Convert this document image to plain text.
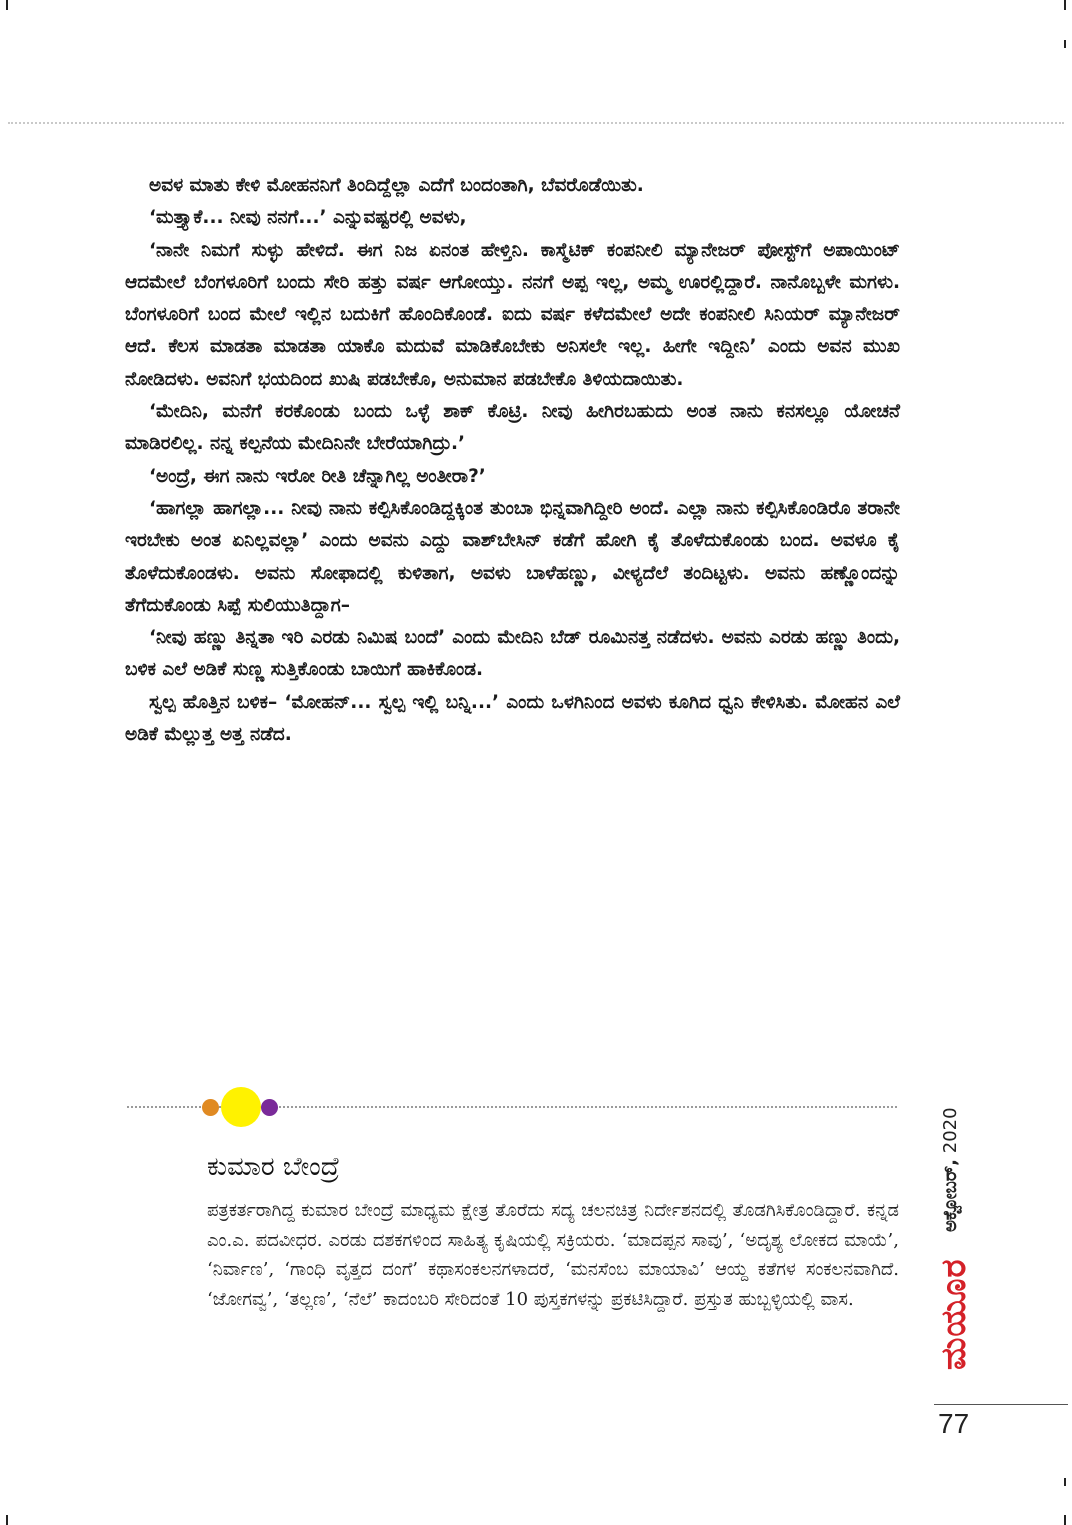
ಅವಳ ಮಾತು ಕೇಳಿ ಮೋಹನನಿಗೆ ತಿಂದಿದ್ದೆಲ್ಲಾ ಎದೆಗೆ ಬಂದಂತಾಗಿ, ಬೆವರೊಡೆಯಿತು.

‘ಮತ್ತ್ಯಾಕೆ... ನೀವು ನನಗೆ...’ ಎನ್ನುವಷ್ಟರಲ್ಲಿ ಅವಳು,

‘ನಾನೇ ನಿಮಗೆ ಸುಳ್ಳು ಹೇಳಿದೆ. ಈಗ ನಿಜ ಏನಂತ ಹೇಳ್ತಿನಿ. ಕಾಸ್ಮೆಟಿಕ್ ಕಂಪನೀಲಿ ಮ್ಯಾನೇಜರ್ ಪೋಸ್ಟ್‌ಗೆ ಅಪಾಯಿಂಟ್ ಆದಮೇಲೆ ಬೆಂಗಳೂರಿಗೆ ಬಂದು ಸೇರಿ ಹತ್ತು ವರ್ಷ ಆಗೋಯ್ತು. ನನಗೆ ಅಪ್ಪ ಇಲ್ಲ, ಅಮ್ಮ ಊರಲ್ಲಿದ್ದಾರೆ. ನಾನೊಬ್ಬಳೇ ಮಗಳು. ಬೆಂಗಳೂರಿಗೆ ಬಂದ ಮೇಲೆ ಇಲ್ಲಿನ ಬದುಕಿಗೆ ಹೊಂದಿಕೊಂಡೆ. ಐದು ವರ್ಷ ಕಳೆದಮೇಲೆ ಅದೇ ಕಂಪನೀಲಿ ಸಿನಿಯರ್ ಮ್ಯಾನೇಜರ್ ಆದೆ. ಕೆಲಸ ಮಾಡತಾ ಮಾಡತಾ ಯಾಕೊ ಮದುವೆ ಮಾಡಿಕೊಬೇಕು ಅನಿಸಲೇ ಇಲ್ಲ. ಹೀಗೇ ಇದ್ದೀನಿ’ ಎಂದು ಅವನ ಮುಖ ನೋಡಿದಳು. ಅವನಿಗೆ ಭಯದಿಂದ ಖುಷಿ ಪಡಬೇಕೊ, ಅನುಮಾನ ಪಡಬೇಕೊ ತಿಳಿಯದಾಯಿತು.

‘ಮೇದಿನಿ, ಮನೆಗೆ ಕರಕೊಂಡು ಬಂದು ಒಳ್ಳೆ ಶಾಕ್ ಕೊಟ್ರಿ. ನೀವು ಹೀಗಿರಬಹುದು ಅಂತ ನಾನು ಕನಸಲ್ಲೂ ಯೋಚನೆ ಮಾಡಿರಲಿಲ್ಲ. ನನ್ನ ಕಲ್ಪನೆಯ ಮೇದಿನಿನೇ ಬೇರೆಯಾಗಿದ್ರು.’

‘ಅಂದ್ರೆ, ಈಗ ನಾನು ಇರೋ ರೀತಿ ಚೆನ್ನಾಗಿಲ್ಲ ಅಂತೀರಾ?’

‘ಹಾಗಲ್ಲಾ ಹಾಗಲ್ಲಾ... ನೀವು ನಾನು ಕಲ್ಪಿಸಿಕೊಂಡಿದ್ದಕ್ಕಿಂತ ತುಂಬಾ ಭಿನ್ನವಾಗಿದ್ದೀರಿ ಅಂದೆ. ಎಲ್ಲಾ ನಾನು ಕಲ್ಪಿಸಿಕೊಂಡಿರೊ ತರಾನೇ ಇರಬೇಕು ಅಂತ ಏನಿಲ್ಲವಲ್ಲಾ’ ಎಂದು ಅವನು ಎದ್ದು ವಾಶ್‌ಬೇಸಿನ್ ಕಡೆಗೆ ಹೋಗಿ ಕೈ ತೊಳೆದುಕೊಂಡು ಬಂದ. ಅವಳೂ ಕೈ ತೊಳೆದುಕೊಂಡಳು. ಅವನು ಸೋಫಾದಲ್ಲಿ ಕುಳಿತಾಗ, ಅವಳು ಬಾಳೆಹಣ್ಣು, ವೀಳ್ಯದೆಲೆ ತಂದಿಟ್ಟಳು. ಅವನು ಹಣ್ಣೊಂದನ್ನು ತೆಗೆದುಕೊಂಡು ಸಿಪ್ಪೆ ಸುಲಿಯುತಿದ್ದಾಗ–

‘ನೀವು ಹಣ್ಣು ತಿನ್ನತಾ ಇರಿ ಎರಡು ನಿಮಿಷ ಬಂದೆ’ ಎಂದು ಮೇದಿನಿ ಬೆಡ್ ರೂಮಿನತ್ತ ನಡೆದಳು. ಅವನು ಎರಡು ಹಣ್ಣು ತಿಂದು, ಬಳಿಕ ಎಲೆ ಅಡಿಕೆ ಸುಣ್ಣ ಸುತ್ತಿಕೊಂಡು ಬಾಯಿಗೆ ಹಾಕಿಕೊಂಡ.

ಸ್ವಲ್ಪ ಹೊತ್ತಿನ ಬಳಿಕ– ‘ಮೋಹನ್... ಸ್ವಲ್ಪ ಇಲ್ಲಿ ಬನ್ನಿ...’ ಎಂದು ಒಳಗಿನಿಂದ ಅವಳು ಕೂಗಿದ ಧ್ವನಿ ಕೇಳಿಸಿತು. ಮೋಹನ ಎಲೆ ಅಡಿಕೆ ಮೆಲ್ಲುತ್ತ ಅತ್ತ ನಡೆದ.

ಕುಮಾರ ಬೇಂದ್ರೆ
ಪತ್ರಕರ್ತರಾಗಿದ್ದ ಕುಮಾರ ಬೇಂದ್ರೆ ಮಾಧ್ಯಮ ಕ್ಷೇತ್ರ ತೊರೆದು ಸದ್ಯ ಚಲನಚಿತ್ರ ನಿರ್ದೇಶನದಲ್ಲಿ ತೊಡಗಿಸಿಕೊಂಡಿದ್ದಾರೆ. ಕನ್ನಡ ಎಂ.ಎ. ಪದವೀಧರ. ಎರಡು ದಶಕಗಳಿಂದ ಸಾಹಿತ್ಯ ಕೃಷಿಯಲ್ಲಿ ಸಕ್ರಿಯರು. ‘ಮಾದಪ್ಪನ ಸಾವು’, ‘ಅದೃಶ್ಯ ಲೋಕದ ಮಾಯೆ’, ‘ನಿರ್ವಾಣ’, ‘ಗಾಂಧಿ ವೃತ್ತದ ದಂಗೆ’ ಕಥಾಸಂಕಲನಗಳಾದರೆ, ‘ಮನಸೆಂಬ ಮಾಯಾವಿ’ ಆಯ್ದ ಕತೆಗಳ ಸಂಕಲನವಾಗಿದೆ. ‘ಜೋಗವ್ವ’, ‘ತಲ್ಲಣ’, ‘ನೆಲೆ’ ಕಾದಂಬರಿ ಸೇರಿದಂತೆ 10 ಪುಸ್ತಕಗಳನ್ನು ಪ್ರಕಟಿಸಿದ್ದಾರೆ. ಪ್ರಸ್ತುತ ಹುಬ್ಬಳ್ಳಿಯಲ್ಲಿ ವಾಸ.
ಅಕ್ಟೋಬರ್, 2020
ಮಯೂರ
77
